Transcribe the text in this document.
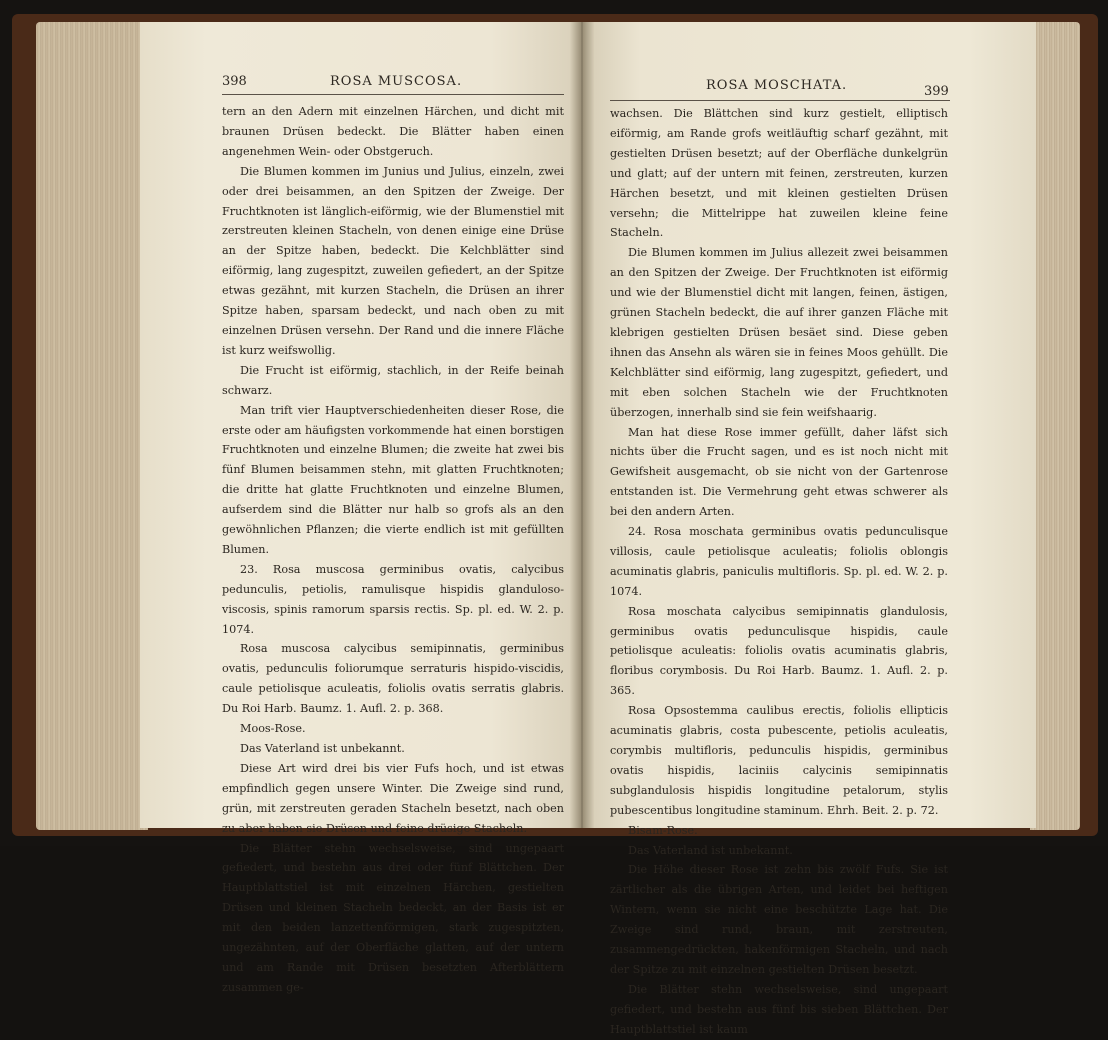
398	ROSA MUSCOSA.

tern an den Adern mit einzelnen Härchen, und dicht mit braunen Drüsen bedeckt. Die Blätter haben einen angenehmen Wein- oder Obstgeruch.

Die Blumen kommen im Junius und Julius, einzeln, zwei oder drei beisammen, an den Spitzen der Zweige. Der Fruchtknoten ist länglich-eiförmig, wie der Blumenstiel mit zerstreuten kleinen Stacheln, von denen einige eine Drüse an der Spitze haben, bedeckt. Die Kelchblätter sind eiförmig, lang zugespitzt, zuweilen gefiedert, an der Spitze etwas gezähnt, mit kurzen Stacheln, die Drüsen an ihrer Spitze haben, sparsam bedeckt, und nach oben zu mit einzelnen Drüsen versehn. Der Rand und die innere Fläche ist kurz weifswollig.

Die Frucht ist eiförmig, stachlich, in der Reife beinah schwarz.

Man trift vier Hauptverschiedenheiten dieser Rose, die erste oder am häufigsten vorkommende hat einen borstigen Fruchtknoten und einzelne Blumen; die zweite hat zwei bis fünf Blumen beisammen stehn, mit glatten Fruchtknoten; die dritte hat glatte Fruchtknoten und einzelne Blumen, aufserdem sind die Blätter nur halb so grofs als an den gewöhnlichen Pflanzen; die vierte endlich ist mit gefüllten Blumen.

23. Rosa muscosa germinibus ovatis, calycibus pedunculis, petiolis, ramulisque hispidis glanduloso-viscosis, spinis ramorum sparsis rectis. Sp. pl. ed. W. 2. p. 1074.

Rosa muscosa calycibus semipinnatis, germinibus ovatis, pedunculis foliorumque serraturis hispido-viscidis, caule petiolisque aculeatis, foliolis ovatis serratis glabris. Du Roi Harb. Baumz. 1. Aufl. 2. p. 368.

Moos-Rose.

Das Vaterland ist unbekannt.

Diese Art wird drei bis vier Fufs hoch, und ist etwas empfindlich gegen unsere Winter. Die Zweige sind rund, grün, mit zerstreuten geraden Stacheln besetzt, nach oben zu aber haben sie Drüsen und feine drüsige Stacheln.

Die Blätter stehn wechselsweise, sind ungepaart gefiedert, und bestehn aus drei oder fünf Blättchen. Der Hauptblattstiel ist mit einzelnen Härchen, gestielten Drüsen und kleinen Stacheln bedeckt, an der Basis ist er mit den beiden lanzettenförmigen, stark zugespitzten, ungezähnten, auf der Oberfläche glatten, auf der untern und am Rande mit Drüsen besetzten Afterblättern zusammen ge-

ROSA MOSCHATA.	399

wachsen. Die Blättchen sind kurz gestielt, elliptisch eiförmig, am Rande grofs weitläuftig scharf gezähnt, mit gestielten Drüsen besetzt; auf der Oberfläche dunkelgrün und glatt; auf der untern mit feinen, zerstreuten, kurzen Härchen besetzt, und mit kleinen gestielten Drüsen versehn; die Mittelrippe hat zuweilen kleine feine Stacheln.

Die Blumen kommen im Julius allezeit zwei beisammen an den Spitzen der Zweige. Der Fruchtknoten ist eiförmig und wie der Blumenstiel dicht mit langen, feinen, ästigen, grünen Stacheln bedeckt, die auf ihrer ganzen Fläche mit klebrigen gestielten Drüsen besäet sind. Diese geben ihnen das Ansehn als wären sie in feines Moos gehüllt. Die Kelchblätter sind eiförmig, lang zugespitzt, gefiedert, und mit eben solchen Stacheln wie der Fruchtknoten überzogen, innerhalb sind sie fein weifshaarig.

Man hat diese Rose immer gefüllt, daher läfst sich nichts über die Frucht sagen, und es ist noch nicht mit Gewifsheit ausgemacht, ob sie nicht von der Gartenrose entstanden ist. Die Vermehrung geht etwas schwerer als bei den andern Arten.

24. Rosa moschata germinibus ovatis pedunculisque villosis, caule petiolisque aculeatis; foliolis oblongis acuminatis glabris, paniculis multifloris. Sp. pl. ed. W. 2. p. 1074.

Rosa moschata calycibus semipinnatis glandulosis, germinibus ovatis pedunculisque hispidis, caule petiolisque aculeatis: foliolis ovatis acuminatis glabris, floribus corymbosis. Du Roi Harb. Baumz. 1. Aufl. 2. p. 365.

Rosa Opsostemma caulibus erectis, foliolis ellipticis acuminatis glabris, costa pubescente, petiolis aculeatis, corymbis multifloris, pedunculis hispidis, germinibus ovatis hispidis, laciniis calycinis semipinnatis subglandulosis hispidis longitudine petalorum, stylis pubescentibus longitudine staminum. Ehrh. Beit. 2. p. 72.

Bisam-Rose.

Das Vaterland ist unbekannt.

Die Höhe dieser Rose ist zehn bis zwölf Fufs. Sie ist zärtlicher als die übrigen Arten, und leidet bei heftigen Wintern, wenn sie nicht eine beschützte Lage hat. Die Zweige sind rund, braun, mit zerstreuten, zusammengedrückten, hakenförmigen Stacheln, und nach der Spitze zu mit einzelnen gestielten Drüsen besetzt.

Die Blätter stehn wechselsweise, sind ungepaart gefiedert, und bestehn aus fünf bis sieben Blättchen. Der Hauptblattstiel ist kaum
